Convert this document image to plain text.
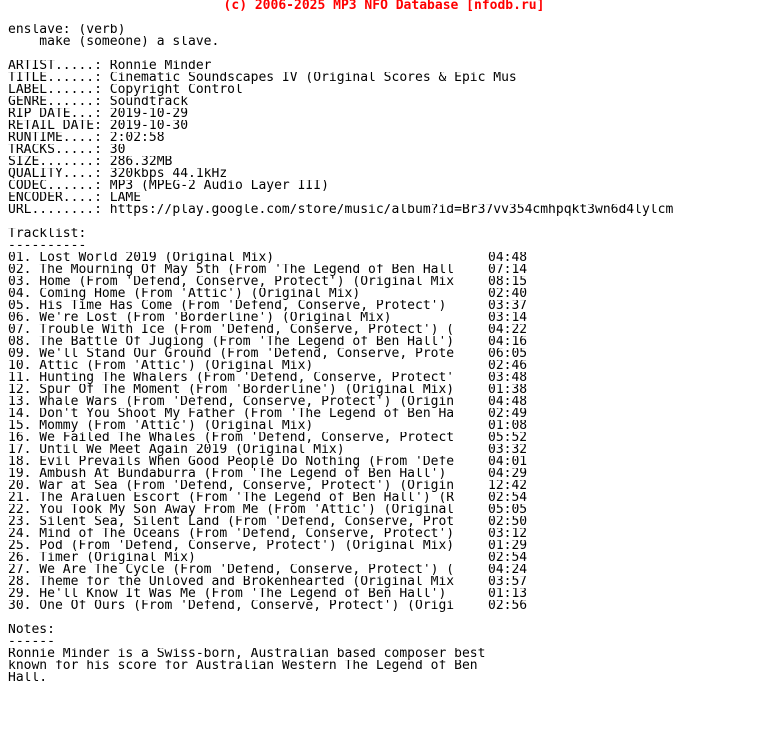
(c) 2006-2025 MP3 NFO Database [nfodb.ru]
enslave: (verb)
make (someone) a slave.
ARTIST.....: Ronnie Minder
TITLE......: Cinematic Soundscapes IV (Original Scores & Epic Mus
LABEL......: Copyright Control
GENRE......: Soundtrack
RIP DATE...: 2019-10-29
RETAIL DATE: 2019-10-30
RUNTIME....: 2:02:58
TRACKS.....: 30
SIZE.......: 286.32MB
QUALITY....: 320kbps 44.1kHz
CODEC......: MP3 (MPEG-2 Audio Layer III)
ENCODER....: LAME
URL........: https://play.google.com/store/music/album?id=Br37vv354cmhpqkt3wn6d4lylcm
Tracklist:
----------
01. Lost World 2019 (Original Mix)	04:48
02. The Mourning Of May 5th (From 'The Legend of Ben Hall	07:14
03. Home (From 'Defend, Conserve, Protect') (Original Mix	08:15
04. Coming Home (From 'Attic') (Original Mix)	02:40
05. His Time Has Come (From 'Defend, Conserve, Protect')	03:37
06. We're Lost (From 'Borderline') (Original Mix)	03:14
07. Trouble With Ice (From 'Defend, Conserve, Protect') (	04:22
08. The Battle Of Jugiong (From 'The Legend of Ben Hall')	04:16
09. We'll Stand Our Ground (From 'Defend, Conserve, Prote	06:05
10. Attic (From 'Attic') (Original Mix)	02:46
11. Hunting The Whalers (From 'Defend, Conserve, Protect'	03:48
12. Spur Of The Moment (From 'Borderline') (Original Mix)	01:38
13. Whale Wars (From 'Defend, Conserve, Protect') (Origin	04:48
14. Don't You Shoot My Father (From 'The Legend of Ben Ha	02:49
15. Mommy (From 'Attic') (Original Mix)	01:08
16. We Failed The Whales (From 'Defend, Conserve, Protect	05:52
17. Until We Meet Again 2019 (Original Mix)	03:32
18. Evil Prevails When Good People Do Nothing (From 'Defe	04:01
19. Ambush At Bundaburra (From 'The Legend of Ben Hall')	04:29
20. War at Sea (From 'Defend, Conserve, Protect') (Origin	12:42
21. The Araluen Escort (From 'The Legend of Ben Hall') (R	02:54
22. You Took My Son Away From Me (From 'Attic') (Original	05:05
23. Silent Sea, Silent Land (From 'Defend, Conserve, Prot	02:50
24. Mind of The Oceans (From 'Defend, Conserve, Protect')	03:12
25. Pod (From 'Defend, Conserve, Protect') (Original Mix)	01:29
26. Timer (Original Mix)	02:54
27. We Are The Cycle (From 'Defend, Conserve, Protect') (	04:24
28. Theme for the Unloved and Brokenhearted (Original Mix	03:57
29. He'll Know It Was Me (From 'The Legend of Ben Hall')	01:13
30. One Of Ours (From 'Defend, Conserve, Protect') (Origi	02:56
Notes:
------
Ronnie Minder is a Swiss-born, Australian based composer best
known for his score for Australian Western The Legend of Ben
Hall.
